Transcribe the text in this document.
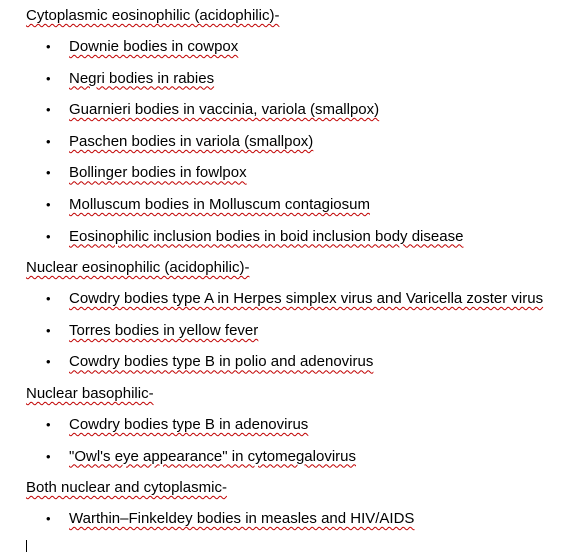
Cytoplasmic eosinophilic (acidophilic)-
• Downie bodies in cowpox
• Negri bodies in rabies
• Guarnieri bodies in vaccinia, variola (smallpox)
• Paschen bodies in variola (smallpox)
• Bollinger bodies in fowlpox
• Molluscum bodies in Molluscum contagiosum
• Eosinophilic inclusion bodies in boid inclusion body disease
Nuclear eosinophilic (acidophilic)-
• Cowdry bodies type A in Herpes simplex virus and Varicella zoster virus
• Torres bodies in yellow fever
• Cowdry bodies type B in polio and adenovirus
Nuclear basophilic-
• Cowdry bodies type B in adenovirus
• "Owl's eye appearance" in cytomegalovirus
Both nuclear and cytoplasmic-
• Warthin–Finkeldey bodies in measles and HIV/AIDS
